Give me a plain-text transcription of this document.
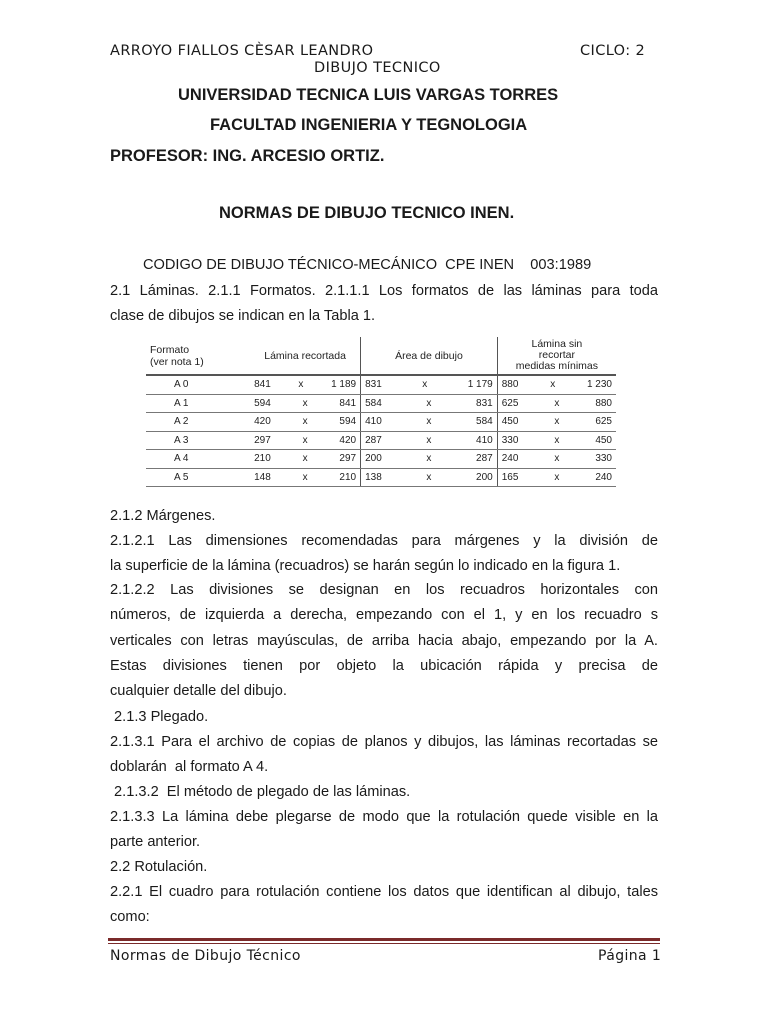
ARROYO FIALLOS CÈSAR LEANDRO	CICLO: 2
DIBUJO TECNICO
UNIVERSIDAD TECNICA LUIS VARGAS TORRES
FACULTAD INGENIERIA Y TEGNOLOGIA
PROFESOR: ING. ARCESIO ORTIZ.
NORMAS DE DIBUJO TECNICO INEN.
CODIGO DE DIBUJO TÉCNICO-MECÁNICO  CPE INEN    003:1989
2.1 Láminas. 2.1.1 Formatos. 2.1.1.1 Los formatos de las láminas para toda
clase de dibujos se indican en la Tabla 1.
Formato
(ver nota 1)	Lámina recortada	Área de dibujo	Lámina sin
recortar
medidas mínimas
A 0	841 x 1 189	831 x 1 179	880 x 1 230

A 1	594 x 841	584 x 831	625 x 880

A 2	420 x 594	410 x 584	450 x 625

A 3	297 x 420	287 x 410	330 x 450

A 4	210 x 297	200 x 287	240 x 330

A 5	148 x 210	138 x 200	165 x 240
2.1.2 Márgenes.
2.1.2.1 Las dimensiones recomendadas para márgenes y la división de
la superficie de la lámina (recuadros) se harán según lo indicado en la figura 1.
2.1.2.2 Las divisiones se designan en los recuadros horizontales con
números, de izquierda a derecha, empezando con el 1, y en los recuadro s
verticales con letras mayúsculas, de arriba hacia abajo, empezando por la A.
Estas divisiones tienen por objeto la ubicación rápida y precisa de
cualquier detalle del dibujo.
2.1.3 Plegado.
2.1.3.1 Para el archivo de copias de planos y dibujos, las láminas recortadas se
doblarán  al formato A 4.
2.1.3.2  El método de plegado de las láminas.
2.1.3.3 La lámina debe plegarse de modo que la rotulación quede visible en la
parte anterior.
2.2 Rotulación.
2.2.1 El cuadro para rotulación contiene los datos que identifican al dibujo, tales
como:
Normas de Dibujo Técnico	Página 1
